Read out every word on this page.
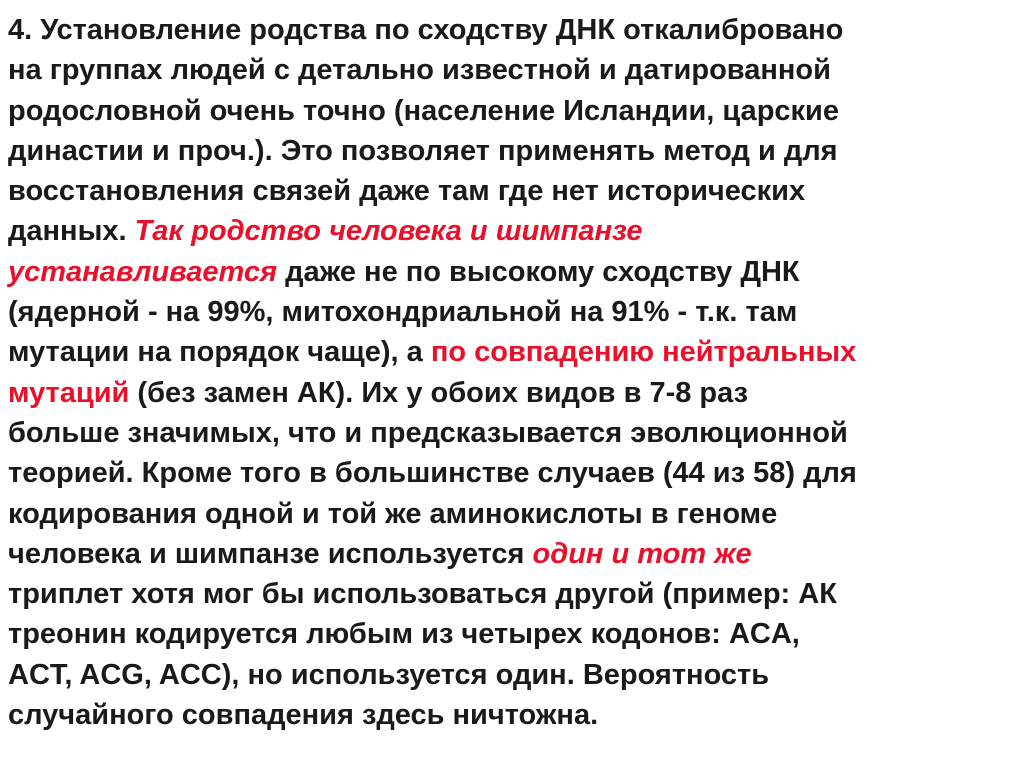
4. Установление родства по сходству ДНК откалибровано
на группах людей с детально известной и датированной
родословной очень точно (население Исландии, царские
династии и проч.). Это позволяет применять метод и для
восстановления связей даже там где нет исторических
данных. Так родство человека и шимпанзе
устанавливается даже не по высокому сходству ДНК
(ядерной - на 99%, митохондриальной на 91% - т.к. там
мутации на порядок чаще), а по совпадению нейтральных
мутаций (без замен АК). Их у обоих видов в 7-8 раз
больше значимых, что и предсказывается эволюционной
теорией. Кроме того в большинстве случаев (44 из 58) для
кодирования одной и той же аминокислоты в геноме
человека и шимпанзе используется один и тот же
триплет хотя мог бы использоваться другой (пример: АК
треонин кодируется любым из четырех кодонов: ACA,
ACT, ACG, ACC), но используется один. Вероятность
случайного совпадения здесь ничтожна.
